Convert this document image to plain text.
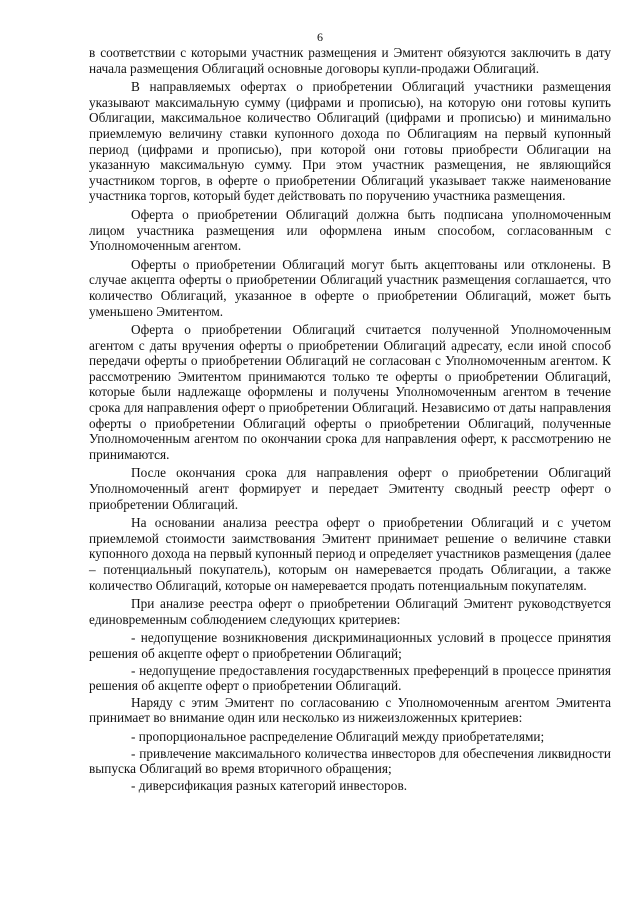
6

в соответствии с которыми участник размещения и Эмитент обязуются заключить в дату начала размещения Облигаций основные договоры купли-продажи Облигаций.

В направляемых офертах о приобретении Облигаций участники размещения указывают максимальную сумму (цифрами и прописью), на которую они готовы купить Облигации, максимальное количество Облигаций (цифрами и прописью) и минимально приемлемую величину ставки купонного дохода по Облигациям на первый купонный период (цифрами и прописью), при которой они готовы приобрести Облигации на указанную максимальную сумму. При этом участник размещения, не являющийся участником торгов, в оферте о приобретении Облигаций указывает также наименование участника торгов, который будет действовать по поручению участника размещения.

Оферта о приобретении Облигаций должна быть подписана уполномоченным лицом участника размещения или оформлена иным способом, согласованным с Уполномоченным агентом.

Оферты о приобретении Облигаций могут быть акцептованы или отклонены. В случае акцепта оферты о приобретении Облигаций участник размещения соглашается, что количество Облигаций, указанное в оферте о приобретении Облигаций, может быть уменьшено Эмитентом.

Оферта о приобретении Облигаций считается полученной Уполномоченным агентом с даты вручения оферты о приобретении Облигаций адресату, если иной способ передачи оферты о приобретении Облигаций не согласован с Уполномоченным агентом. К рассмотрению Эмитентом принимаются только те оферты о приобретении Облигаций, которые были надлежаще оформлены и получены Уполномоченным агентом в течение срока для направления оферт о приобретении Облигаций. Независимо от даты направления оферты о приобретении Облигаций оферты о приобретении Облигаций, полученные Уполномоченным агентом по окончании срока для направления оферт, к рассмотрению не принимаются.

После окончания срока для направления оферт о приобретении Облигаций Уполномоченный агент формирует и передает Эмитенту сводный реестр оферт о приобретении Облигаций.

На основании анализа реестра оферт о приобретении Облигаций и с учетом приемлемой стоимости заимствования Эмитент принимает решение о величине ставки купонного дохода на первый купонный период и определяет участников размещения (далее – потенциальный покупатель), которым он намеревается продать Облигации, а также количество Облигаций, которые он намеревается продать потенциальным покупателям.

При анализе реестра оферт о приобретении Облигаций Эмитент руководствуется единовременным соблюдением следующих критериев:

- недопущение возникновения дискриминационных условий в процессе принятия решения об акцепте оферт о приобретении Облигаций;

- недопущение предоставления государственных преференций в процессе принятия решения об акцепте оферт о приобретении Облигаций.

Наряду с этим Эмитент по согласованию с Уполномоченным агентом Эмитента принимает во внимание один или несколько из нижеизложенных критериев:

- пропорциональное распределение Облигаций между приобретателями;

- привлечение максимального количества инвесторов для обеспечения ликвидности выпуска Облигаций во время вторичного обращения;

- диверсификация разных категорий инвесторов.
